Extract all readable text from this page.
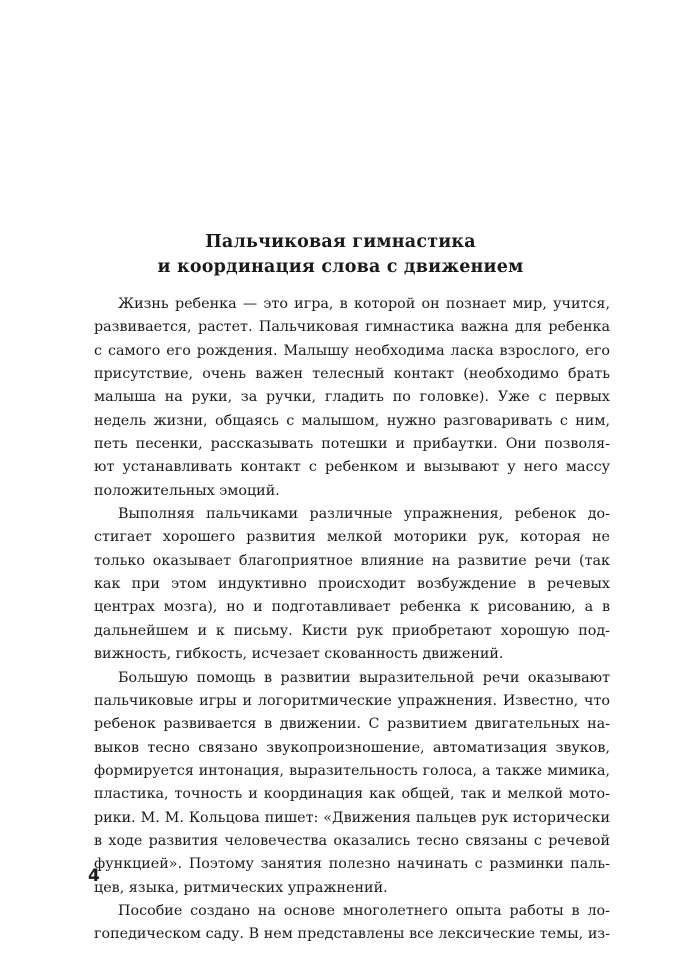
Пальчиковая гимнастика
и координация слова с движением
Жизнь ребенка — это игра, в которой он познает мир, учится,
развивается, растет. Пальчиковая гимнастика важна для ребенка
с самого его рождения. Малышу необходима ласка взрослого, его
присутствие, очень важен телесный контакт (необходимо брать
малыша на руки, за ручки, гладить по головке). Уже с первых
недель жизни, общаясь с малышом, нужно разговаривать с ним,
петь песенки, рассказывать потешки и прибаутки. Они позволя-
ют устанавливать контакт с ребенком и вызывают у него массу
положительных эмоций.
Выполняя пальчиками различные упражнения, ребенок до-
стигает хорошего развития мелкой моторики рук, которая не
только оказывает благоприятное влияние на развитие речи (так
как при этом индуктивно происходит возбуждение в речевых
центрах мозга), но и подготавливает ребенка к рисованию, а в
дальнейшем и к письму. Кисти рук приобретают хорошую под-
вижность, гибкость, исчезает скованность движений.
Большую помощь в развитии выразительной речи оказывают
пальчиковые игры и логоритмические упражнения. Известно, что
ребенок развивается в движении. С развитием двигательных на-
выков тесно связано звукопроизношение, автоматизация звуков,
формируется интонация, выразительность голоса, а также мимика,
пластика, точность и координация как общей, так и мелкой мото-
рики. М. М. Кольцова пишет: «Движения пальцев рук исторически
в ходе развития человечества оказались тесно связаны с речевой
функцией». Поэтому занятия полезно начинать с разминки паль-
цев, языка, ритмических упражнений.
Пособие создано на основе многолетнего опыта работы в ло-
гопедическом саду. В нем представлены все лексические темы, из-
4
